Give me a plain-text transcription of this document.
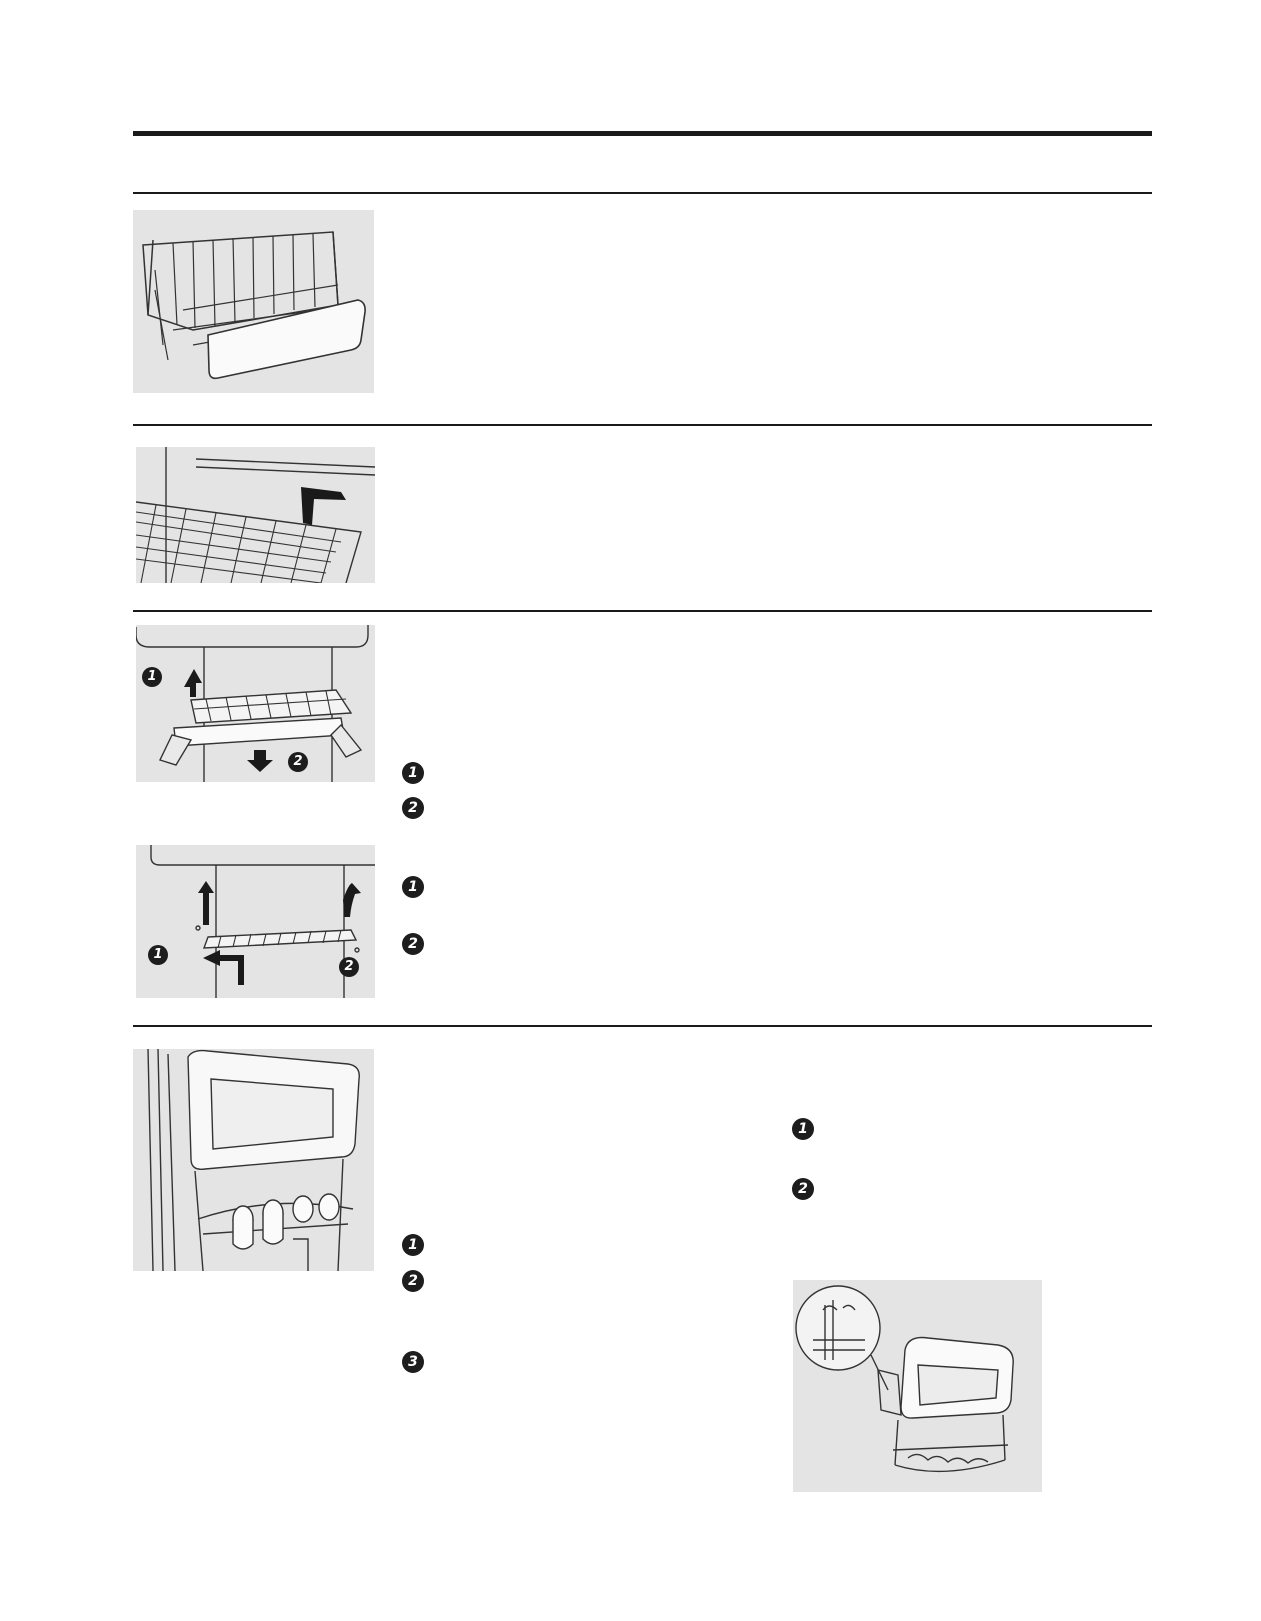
1
2
1
2
1
2
1
2
1
2
3
1
2
